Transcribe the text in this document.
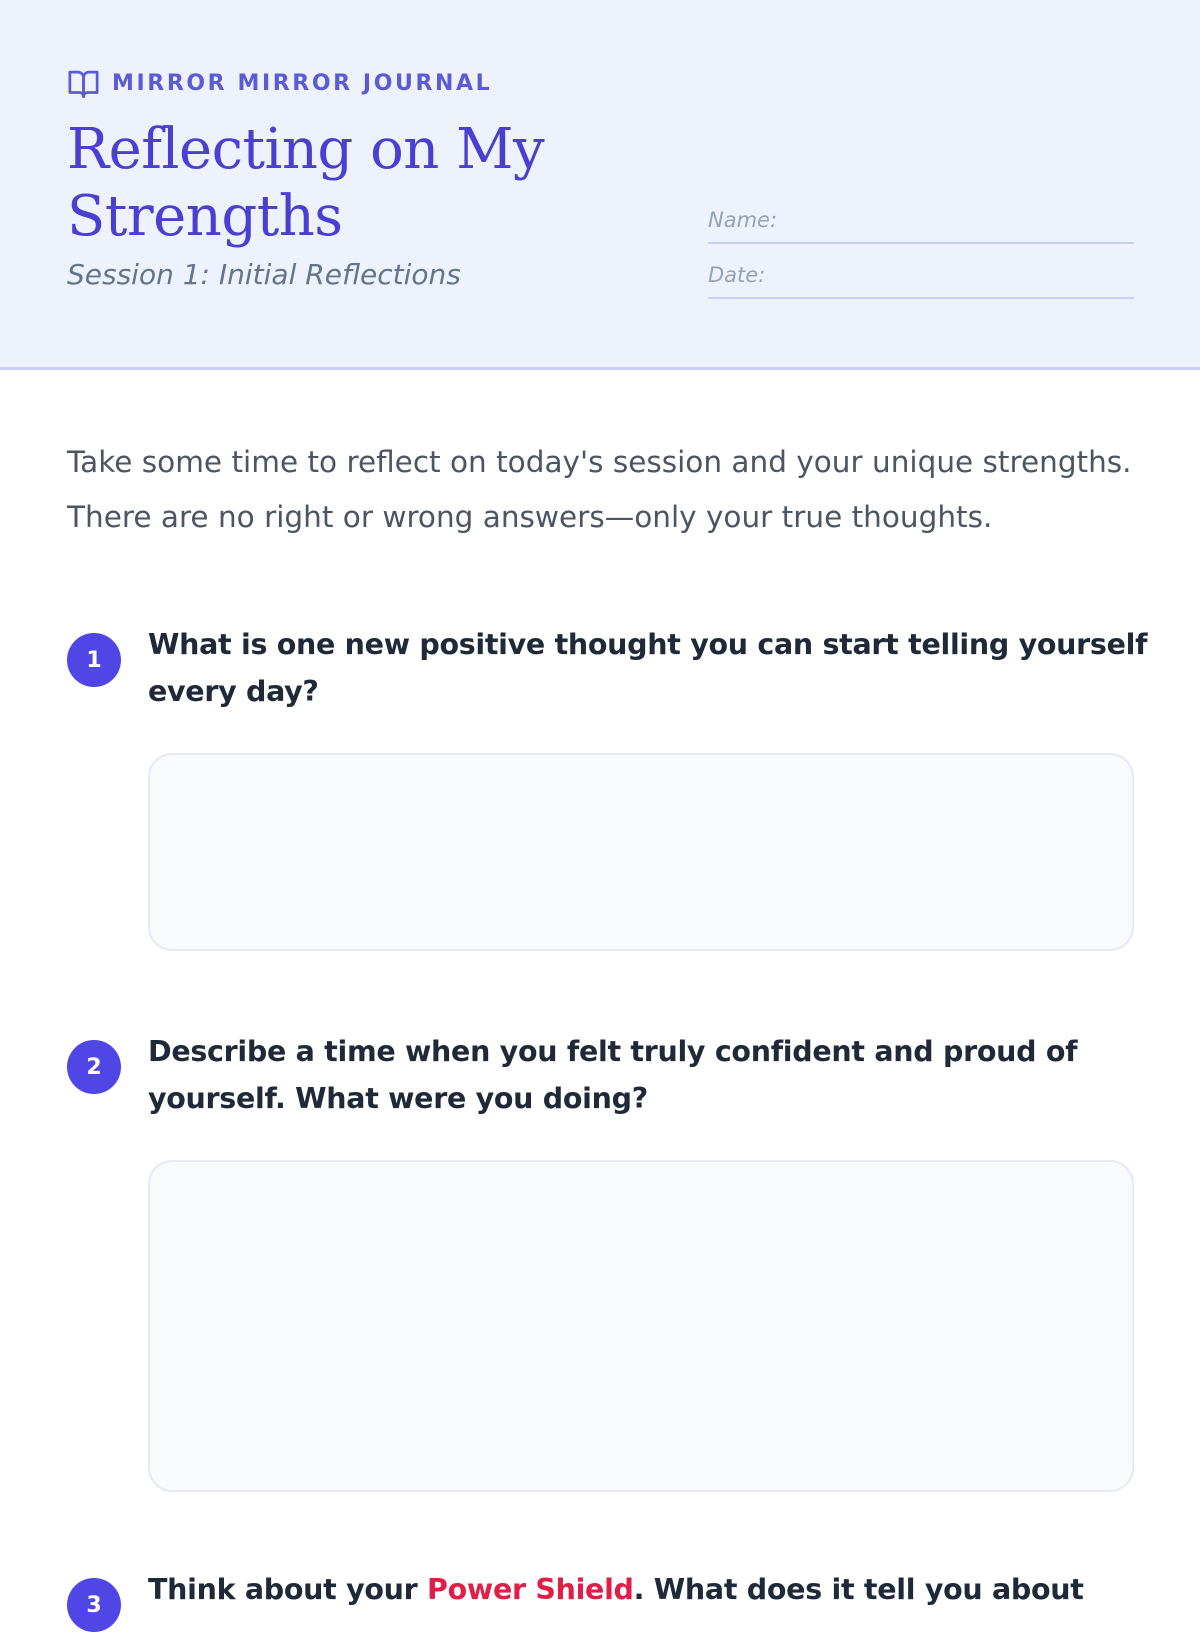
MIRROR MIRROR JOURNAL
Reflecting on My Strengths
Session 1: Initial Reflections
Name:
Date:

Take some time to reflect on today's session and your unique strengths. There are no right or wrong answers—only your true thoughts.

1	What is one new positive thought you can start telling yourself every day?

2	Describe a time when you felt truly confident and proud of yourself. What were you doing?

3	Think about your Power Shield. What does it tell you about
